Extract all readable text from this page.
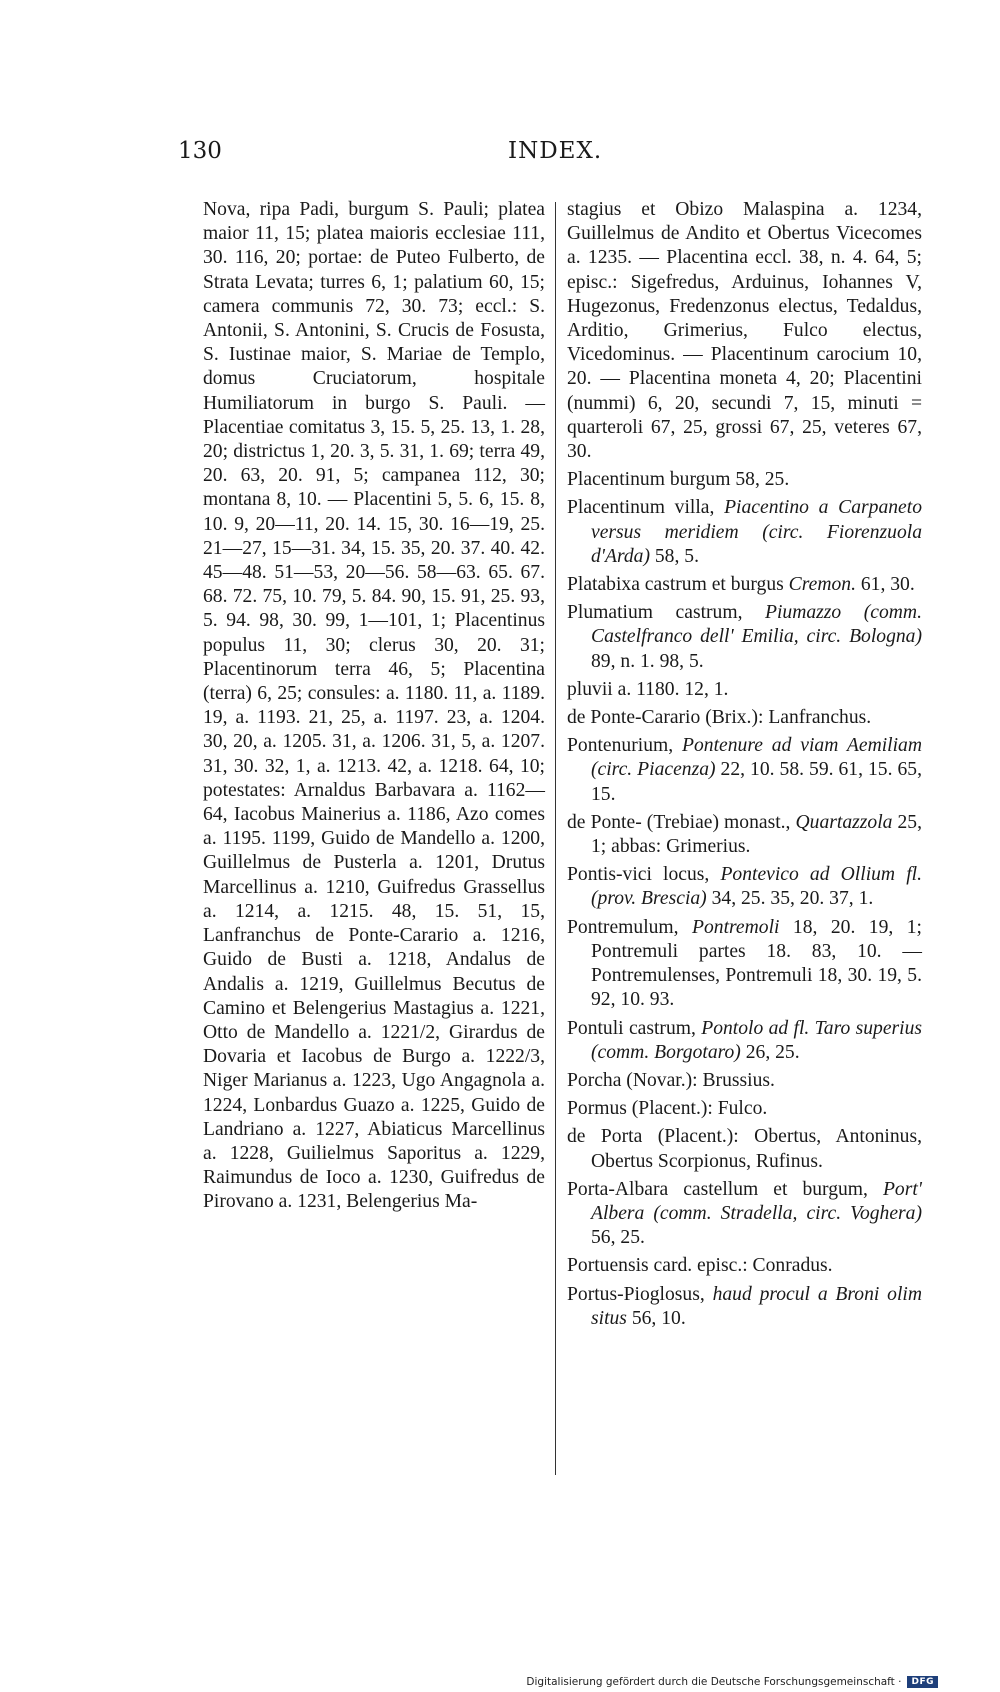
130	INDEX.

Nova, ripa Padi, burgum S. Pauli; platea maior 11, 15; platea maioris ecclesiae 111, 30. 116, 20; portae: de Puteo Fulberto, de Strata Levata; turres 6, 1; palatium 60, 15; camera communis 72, 30. 73; eccl.: S. Antonii, S. Antonini, S. Crucis de Fosusta, S. Iustinae maior, S. Mariae de Templo, domus Cruciatorum, hospitale Humiliatorum in burgo S. Pauli. — Placentiae comitatus 3, 15. 5, 25. 13, 1. 28, 20; districtus 1, 20. 3, 5. 31, 1. 69; terra 49, 20. 63, 20. 91, 5; campanea 112, 30; montana 8, 10. — Placentini 5, 5. 6, 15. 8, 10. 9, 20—11, 20. 14. 15, 30. 16—19, 25. 21—27, 15—31. 34, 15. 35, 20. 37. 40. 42. 45—48. 51—53, 20—56. 58—63. 65. 67. 68. 72. 75, 10. 79, 5. 84. 90, 15. 91, 25. 93, 5. 94. 98, 30. 99, 1—101, 1; Placentinus populus 11, 30; clerus 30, 20. 31; Placentinorum terra 46, 5; Placentina (terra) 6, 25; consules: a. 1180. 11, a. 1189. 19, a. 1193. 21, 25, a. 1197. 23, a. 1204. 30, 20, a. 1205. 31, a. 1206. 31, 5, a. 1207. 31, 30. 32, 1, a. 1213. 42, a. 1218. 64, 10; potestates: Arnaldus Barbavara a. 1162—64, Iacobus Mainerius a. 1186, Azo comes a. 1195. 1199, Guido de Mandello a. 1200, Guillelmus de Pusterla a. 1201, Drutus Marcellinus a. 1210, Guifredus Grassellus a. 1214, a. 1215. 48, 15. 51, 15, Lanfranchus de Ponte-Carario a. 1216, Guido de Busti a. 1218, Andalus de Andalis a. 1219, Guillelmus Becutus de Camino et Belengerius Mastagius a. 1221, Otto de Mandello a. 1221/2, Girardus de Dovaria et Iacobus de Burgo a. 1222/3, Niger Marianus a. 1223, Ugo Angagnola a. 1224, Lonbardus Guazo a. 1225, Guido de Landriano a. 1227, Abiaticus Marcellinus a. 1228, Guilielmus Saporitus a. 1229, Raimundus de Ioco a. 1230, Guifredus de Pirovano a. 1231, Belengerius Ma-

stagius et Obizo Malaspina a. 1234, Guillelmus de Andito et Obertus Vicecomes a. 1235. — Placentina eccl. 38, n. 4. 64, 5; episc.: Sigefredus, Arduinus, Iohannes V, Hugezonus, Fredenzonus electus, Tedaldus, Arditio, Grimerius, Fulco electus, Vicedominus. — Placentinum carocium 10, 20. — Placentina moneta 4, 20; Placentini (nummi) 6, 20, secundi 7, 15, minuti = quarteroli 67, 25, grossi 67, 25, veteres 67, 30.

Placentinum burgum 58, 25.

Placentinum villa, Piacentino a Carpaneto versus meridiem (circ. Fiorenzuola d'Arda) 58, 5.

Platabixa castrum et burgus Cremon. 61, 30.

Plumatium castrum, Piumazzo (comm. Castelfranco dell' Emilia, circ. Bologna) 89, n. 1. 98, 5.

pluvii a. 1180. 12, 1.

de Ponte-Carario (Brix.): Lanfranchus.

Pontenurium, Pontenure ad viam Aemiliam (circ. Piacenza) 22, 10. 58. 59. 61, 15. 65, 15.

de Ponte- (Trebiae) monast., Quartazzola 25, 1; abbas: Grimerius.

Pontis-vici locus, Pontevico ad Ollium fl. (prov. Brescia) 34, 25. 35, 20. 37, 1.

Pontremulum, Pontremoli 18, 20. 19, 1; Pontremuli partes 18. 83, 10. — Pontremulenses, Pontremuli 18, 30. 19, 5. 92, 10. 93.

Pontuli castrum, Pontolo ad fl. Taro superius (comm. Borgotaro) 26, 25.

Porcha (Novar.): Brussius.

Pormus (Placent.): Fulco.

de Porta (Placent.): Obertus, Antoninus, Obertus Scorpionus, Rufinus.

Porta-Albara castellum et burgum, Port' Albera (comm. Stradella, circ. Voghera) 56, 25.

Portuensis card. episc.: Conradus.

Portus-Pioglosus, haud procul a Broni olim situs 56, 10.

Digitalisierung gefördert durch die Deutsche Forschungsgemeinschaft ·	DFG
